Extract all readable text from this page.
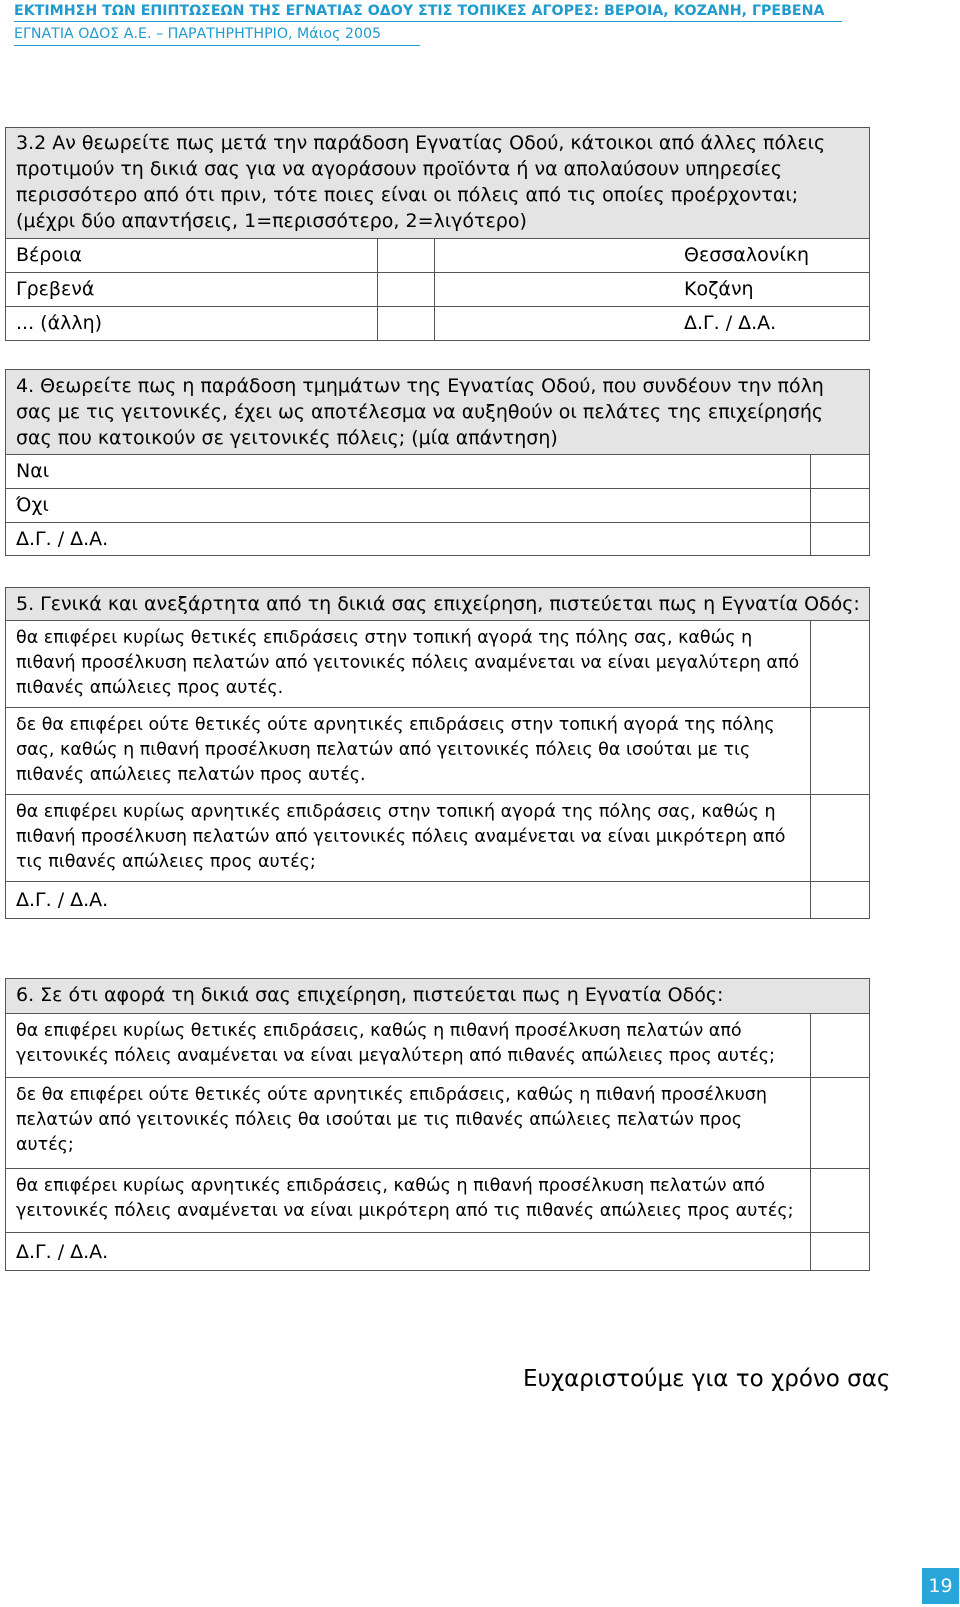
ΕΚΤΙΜΗΣΗ ΤΩΝ ΕΠΙΠΤΩΣΕΩΝ ΤΗΣ ΕΓΝΑΤΙΑΣ ΟΔΟΥ ΣΤΙΣ ΤΟΠΙΚΕΣ ΑΓΟΡΕΣ: ΒΕΡΟΙΑ, ΚΟΖΑΝΗ, ΓΡΕΒΕΝΑ

ΕΓΝΑΤΙΑ ΟΔΟΣ Α.Ε. – ΠΑΡΑΤΗΡΗΤΗΡΙΟ, Μάιος 2005

3.2 Αν θεωρείτε πως μετά την παράδοση Εγνατίας Οδού, κάτοικοι από άλλες πόλεις προτιμούν τη δικιά σας για να αγοράσουν προϊόντα ή να απολαύσουν υπηρεσίες περισσότερο από ότι πριν, τότε ποιες είναι οι πόλεις από τις οποίες προέρχονται; (μέχρι δύο απαντήσεις, 1=περισσότερο, 2=λιγότερο)		
Βέροια		Θεσσαλονίκη
Γρεβενά		Κοζάνη
... (άλλη)		Δ.Γ. / Δ.Α.
4. Θεωρείτε πως η παράδοση τμημάτων της Εγνατίας Οδού, που συνδέουν την πόλη σας με τις γειτονικές, έχει ως αποτέλεσμα να αυξηθούν οι πελάτες της επιχείρησής σας που κατοικούν σε γειτονικές πόλεις; (μία απάντηση)	
Ναι	
Όχι	
Δ.Γ. / Δ.Α.	
5. Γενικά και ανεξάρτητα από τη δικιά σας επιχείρηση, πιστεύεται πως η Εγνατία Οδός:	
θα επιφέρει κυρίως θετικές επιδράσεις στην τοπική αγορά της πόλης σας, καθώς η πιθανή προσέλκυση πελατών από γειτονικές πόλεις αναμένεται να είναι μεγαλύτερη από πιθανές απώλειες προς αυτές.	
δε θα επιφέρει ούτε θετικές ούτε αρνητικές επιδράσεις στην τοπική αγορά της πόλης σας, καθώς η πιθανή προσέλκυση πελατών από γειτονικές πόλεις θα ισούται με τις πιθανές απώλειες πελατών προς αυτές.	
θα επιφέρει κυρίως αρνητικές επιδράσεις στην τοπική αγορά της πόλης σας, καθώς η πιθανή προσέλκυση πελατών από γειτονικές πόλεις αναμένεται να είναι μικρότερη από τις πιθανές απώλειες προς αυτές;	
Δ.Γ. / Δ.Α.	
6. Σε ότι αφορά τη δικιά σας επιχείρηση, πιστεύεται πως η Εγνατία Οδός:	
θα επιφέρει κυρίως θετικές επιδράσεις, καθώς η πιθανή προσέλκυση πελατών από γειτονικές πόλεις αναμένεται να είναι μεγαλύτερη από πιθανές απώλειες προς αυτές;	
δε θα επιφέρει ούτε θετικές ούτε αρνητικές επιδράσεις, καθώς η πιθανή προσέλκυση πελατών από γειτονικές πόλεις θα ισούται με τις πιθανές απώλειες πελατών προς αυτές;	
θα επιφέρει κυρίως αρνητικές επιδράσεις, καθώς η πιθανή προσέλκυση πελατών από γειτονικές πόλεις αναμένεται να είναι μικρότερη από τις πιθανές απώλειες προς αυτές;	
Δ.Γ. / Δ.Α.	

Ευχαριστούμε για το χρόνο σας

19
